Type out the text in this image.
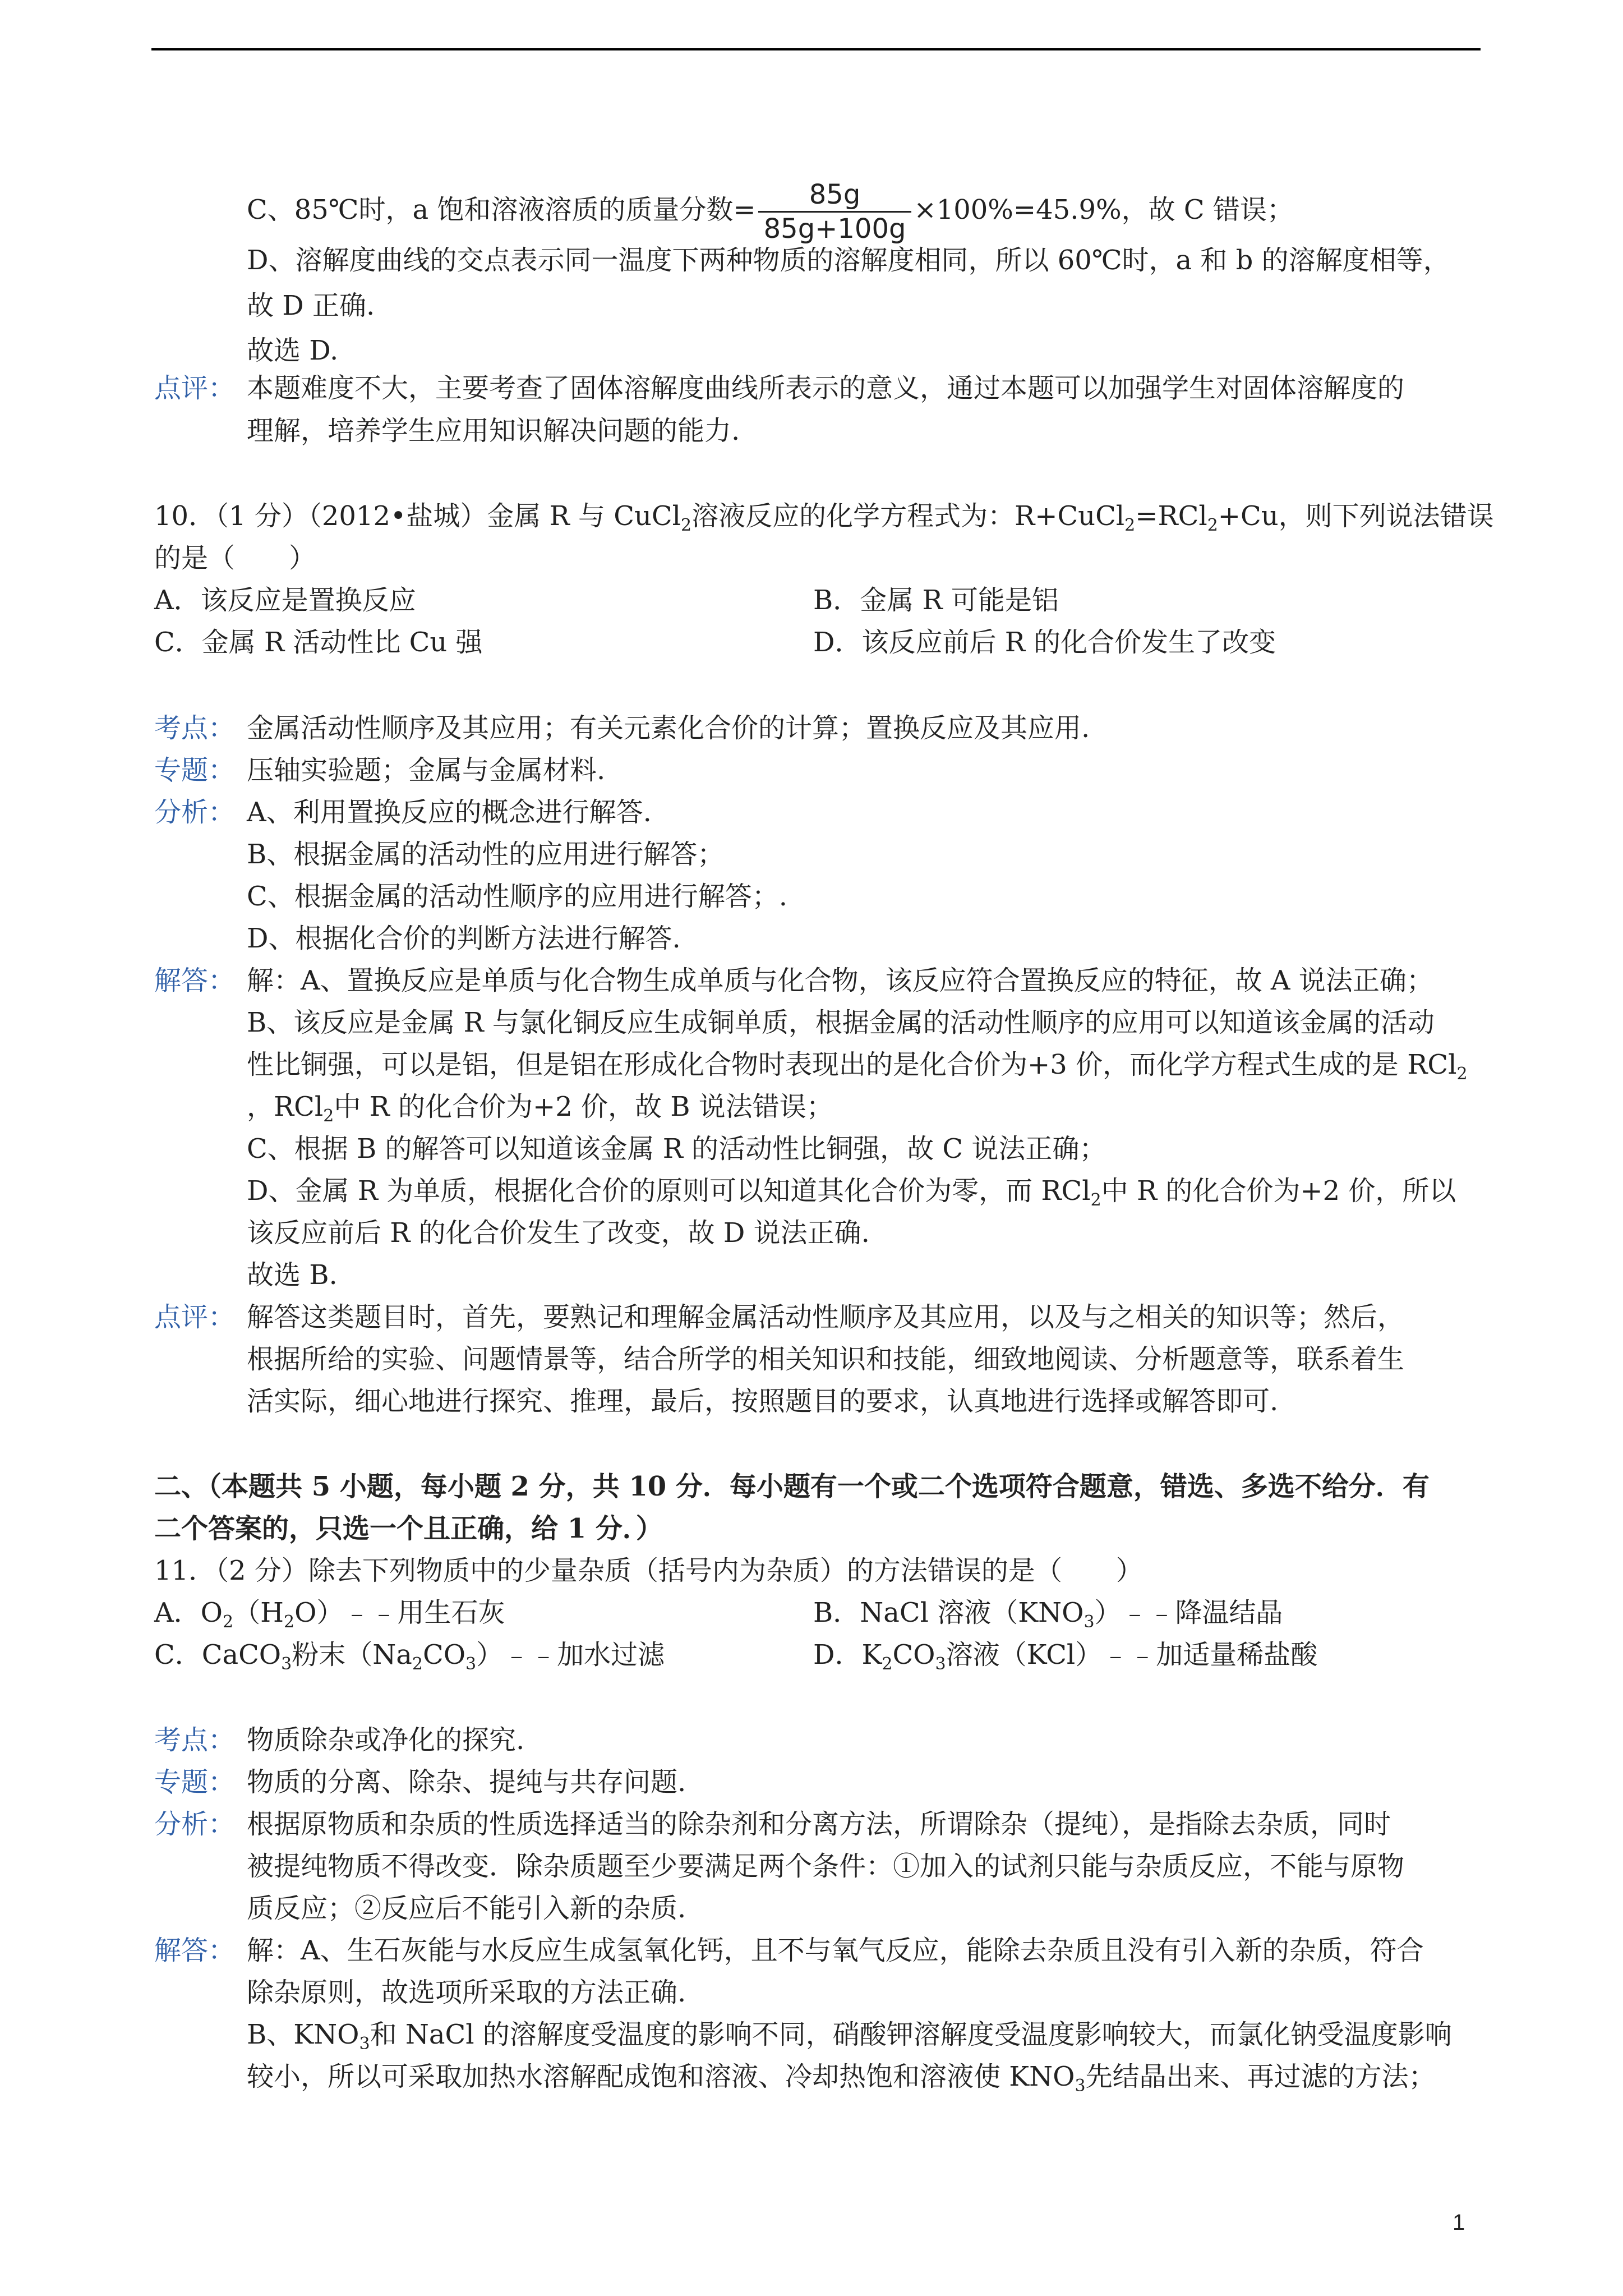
C、85℃时，a 饱和溶液溶质的质量分数= $\frac{85g}{85g+100g} \times 100\%=45.9\%$，故 C 错误；
D、溶解度曲线的交点表示同一温度下两种物质的溶解度相同，所以 60℃时，a 和 b 的溶解度相等，
故 D 正确.
故选 D.
点评： 本题难度不大，主要考查了固体溶解度曲线所表示的意义，通过本题可以加强学生对固体溶解度的
理解，培养学生应用知识解决问题的能力.
10．（1 分）（2012•盐城）金属 R 与 CuCl$_2$溶液反应的化学方程式为：R+CuCl$_2$=RCl$_2$+Cu，则下列说法错误
的是（　　）
A．该反应是置换反应	B．金属 R 可能是铝
C．金属 R 活动性比 Cu 强	D．该反应前后 R 的化合价发生了改变
考点： 金属活动性顺序及其应用；有关元素化合价的计算；置换反应及其应用.
专题： 压轴实验题；金属与金属材料.
分析： A、利用置换反应的概念进行解答.
B、根据金属的活动性的应用进行解答；
C、根据金属的活动性顺序的应用进行解答；.
D、根据化合价的判断方法进行解答.
解答： 解：A、置换反应是单质与化合物生成单质与化合物，该反应符合置换反应的特征，故 A 说法正确；
B、该反应是金属 R 与氯化铜反应生成铜单质，根据金属的活动性顺序的应用可以知道该金属的活动
性比铜强，可以是铝，但是铝在形成化合物时表现出的是化合价为+3 价，而化学方程式生成的是 RCl$_2$
，RCl$_2$中 R 的化合价为+2 价，故 B 说法错误；
C、根据 B 的解答可以知道该金属 R 的活动性比铜强，故 C 说法正确；
D、金属 R 为单质，根据化合价的原则可以知道其化合价为零，而 RCl$_2$中 R 的化合价为+2 价，所以
该反应前后 R 的化合价发生了改变，故 D 说法正确.
故选 B.
点评： 解答这类题目时，首先，要熟记和理解金属活动性顺序及其应用，以及与之相关的知识等；然后，
根据所给的实验、问题情景等，结合所学的相关知识和技能，细致地阅读、分析题意等，联系着生
活实际，细心地进行探究、推理，最后，按照题目的要求，认真地进行选择或解答即可.
二、（本题共 5 小题，每小题 2 分，共 10 分．每小题有一个或二个选项符合题意，错选、多选不给分．有
二个答案的，只选一个且正确，给 1 分．）
11．（2 分）除去下列物质中的少量杂质（括号内为杂质）的方法错误的是（　　）
A．$O_2(H_2O)﹣﹣$用生石灰	B．NaCl 溶液$(KNO_3)﹣﹣$降温结晶
C．CaCO$_3$粉末$(Na_2CO_3)﹣﹣$加水过滤	D．$K_2CO_3$溶液（KCl）﹣﹣加适量稀盐酸
考点： 物质除杂或净化的探究.
专题： 物质的分离、除杂、提纯与共存问题.
分析： 根据原物质和杂质的性质选择适当的除杂剂和分离方法，所谓除杂（提纯），是指除去杂质，同时
被提纯物质不得改变．除杂质题至少要满足两个条件：①加入的试剂只能与杂质反应，不能与原物
质反应；②反应后不能引入新的杂质.
解答： 解：A、生石灰能与水反应生成氢氧化钙，且不与氧气反应，能除去杂质且没有引入新的杂质，符合
除杂原则，故选项所采取的方法正确.
B、$KNO_3$和 NaCl 的溶解度受温度的影响不同，硝酸钾溶解度受温度影响较大，而氯化钠受温度影响
较小，所以可采取加热水溶解配成饱和溶液、冷却热饱和溶液使 $KNO_3$先结晶出来、再过滤的方法；
1
